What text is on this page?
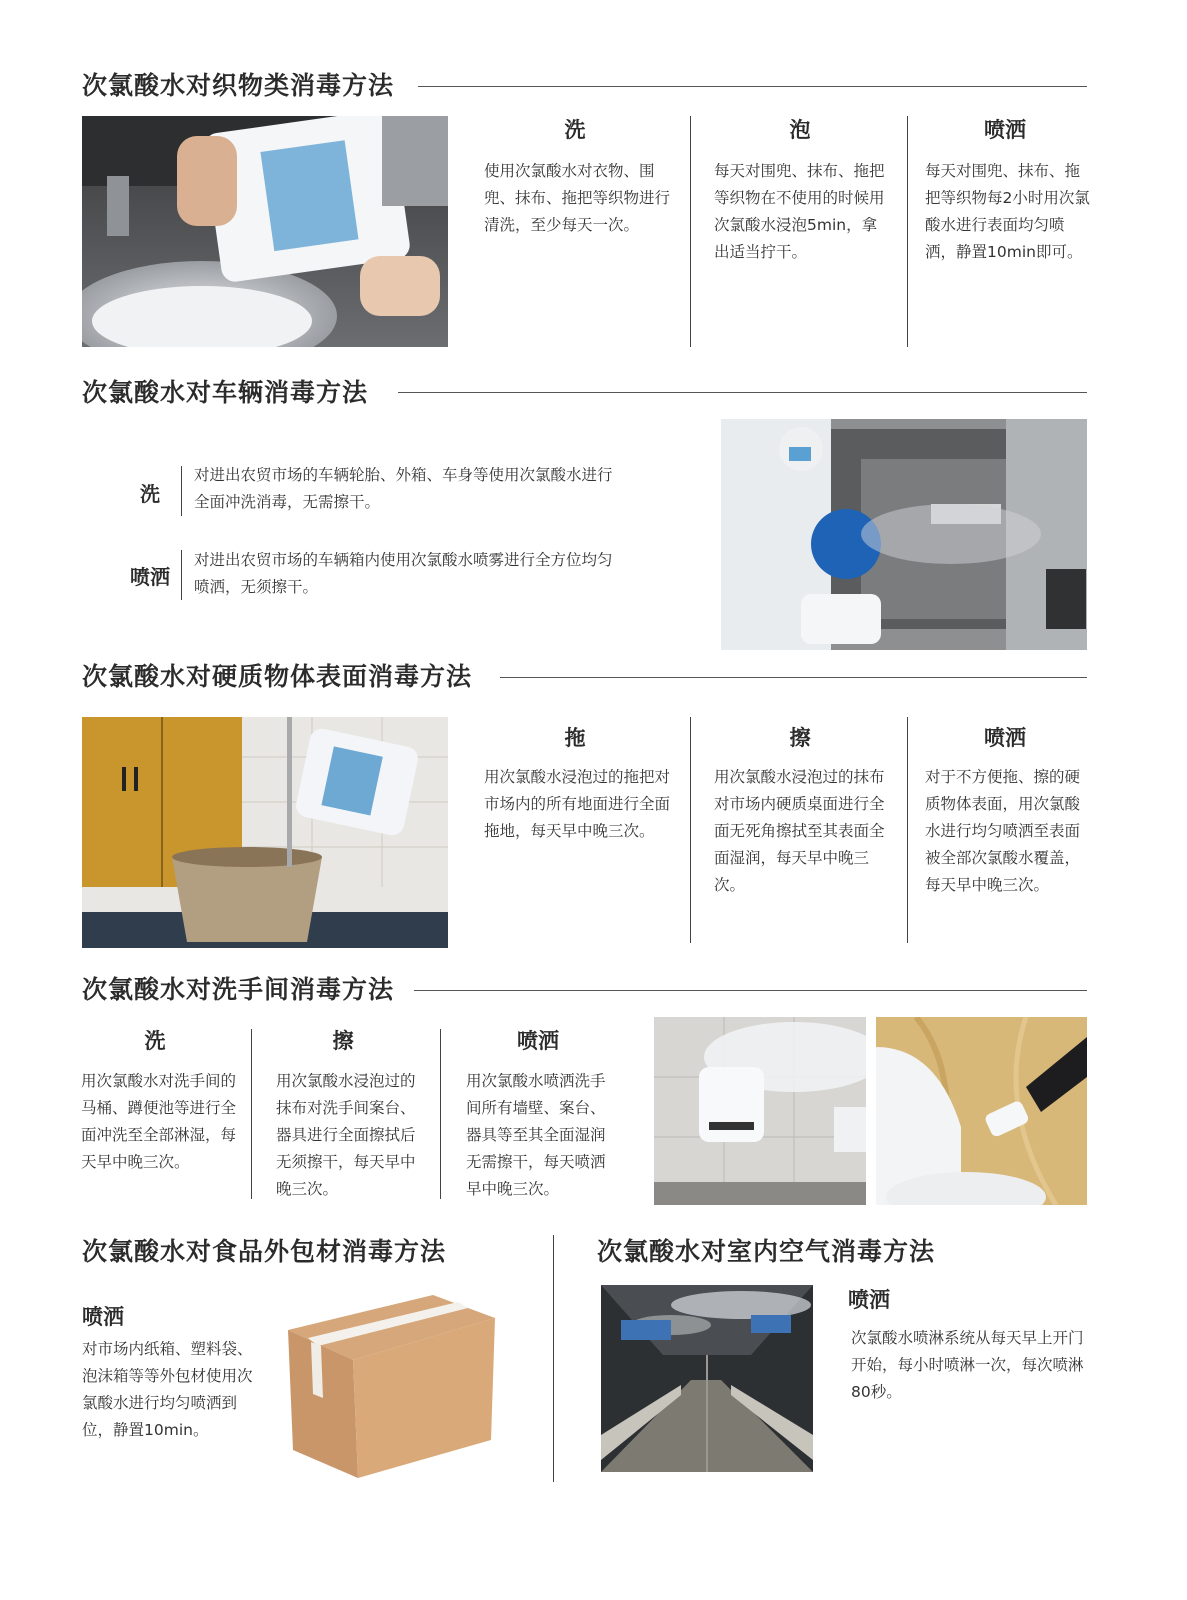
次氯酸水对织物类消毒方法
洗
使用次氯酸水对衣物、围兜、抹布、拖把等织物进行清洗，至少每天一次。
泡
每天对围兜、抹布、拖把等织物在不使用的时候用次氯酸水浸泡5min，拿出适当拧干。
喷洒
每天对围兜、抹布、拖把等织物每2小时用次氯酸水进行表面均匀喷洒，静置10min即可。
次氯酸水对车辆消毒方法
洗
对进出农贸市场的车辆轮胎、外箱、车身等使用次氯酸水进行全面冲洗消毒，无需擦干。
喷洒
对进出农贸市场的车辆箱内使用次氯酸水喷雾进行全方位均匀喷洒，无须擦干。
次氯酸水对硬质物体表面消毒方法
拖
用次氯酸水浸泡过的拖把对市场内的所有地面进行全面拖地，每天早中晚三次。
擦
用次氯酸水浸泡过的抹布对市场内硬质桌面进行全面无死角擦拭至其表面全面湿润，每天早中晚三次。
喷洒
对于不方便拖、擦的硬质物体表面，用次氯酸水进行均匀喷洒至表面被全部次氯酸水覆盖，每天早中晚三次。
次氯酸水对洗手间消毒方法
洗
用次氯酸水对洗手间的马桶、蹲便池等进行全面冲洗至全部淋湿，每天早中晚三次。
擦
用次氯酸水浸泡过的抹布对洗手间案台、器具进行全面擦拭后无须擦干，每天早中晚三次。
喷洒
用次氯酸水喷洒洗手间所有墙壁、案台、器具等至其全面湿润无需擦干，每天喷洒早中晚三次。
次氯酸水对食品外包材消毒方法
喷洒
对市场内纸箱、塑料袋、泡沫箱等等外包材使用次氯酸水进行均匀喷洒到位，静置10min。
次氯酸水对室内空气消毒方法
喷洒
次氯酸水喷淋系统从每天早上开门开始，每小时喷淋一次，每次喷淋80秒。
